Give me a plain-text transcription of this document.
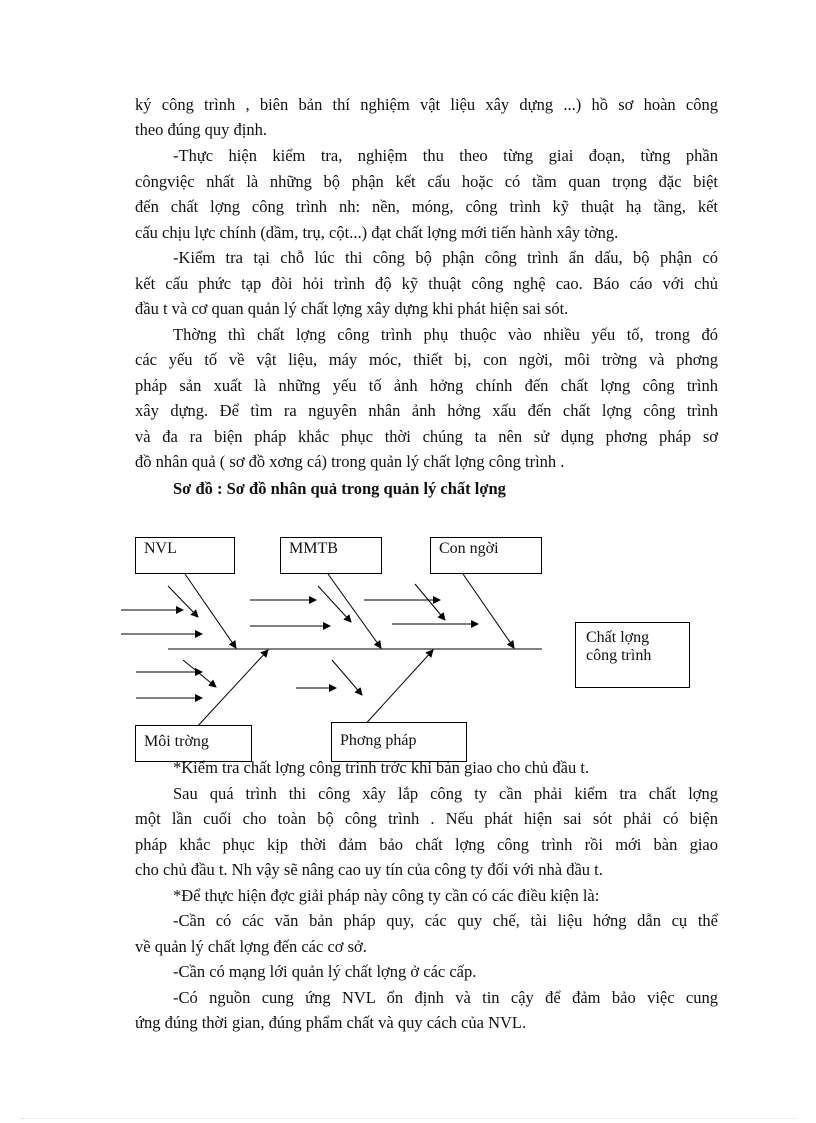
ký công trình , biên bản thí nghiệm vật liệu xây dựng ...) hồ sơ hoàn công
theo đúng quy định.
-Thực hiện kiểm tra, nghiệm thu theo từng giai đoạn, từng phần
côngviệc nhất là những bộ phận kết cấu hoặc có tầm quan trọng đặc biệt
đến chất lợng công trình nh: nền, móng, công trình kỹ thuật hạ tầng, kết
cấu chịu lực chính (dầm, trụ, cột...) đạt chất lợng mới tiến hành xây tờng.
-Kiểm tra tại chỗ lúc thi công bộ phận công trình ẩn dấu, bộ phận có
kết cấu phức tạp đòi hỏi trình độ kỹ thuật công nghệ cao. Báo cáo với chủ
đầu t và cơ quan quản lý chất lợng xây dựng khi phát hiện sai sót.
Thờng thì chất lợng công trình phụ thuộc vào nhiều yếu tố, trong đó
các yếu tố về vật liệu, máy móc, thiết bị, con ngời, môi trờng và phơng
pháp sản xuất là những yếu tố ảnh hởng chính đến chất lợng công trình
xây dựng. Để tìm ra nguyên nhân ảnh hởng xấu đến chất lợng công trình
và đa ra biện pháp khắc phục thời chúng ta nên sử dụng phơng pháp sơ
đồ nhân quả ( sơ đồ xơng cá) trong quản lý chất lợng công trình .
Sơ đồ : Sơ đồ nhân quả trong quản lý chất lợng
NVL	MMTB	Con ngời
Chất lợng
công trình
Môi trờng	Phơng pháp
*Kiểm tra chất lợng công trình trớc khi bàn giao cho chủ đầu t.
Sau quá trình thi công xây lắp công ty cần phải kiểm tra chất lợng
một lần cuối cho toàn bộ công trình . Nếu phát hiện sai sót phải có biện
pháp khắc phục kịp thời đảm bảo chất lợng công trình rồi mới bàn giao
cho chủ đầu t. Nh vậy sẽ nâng cao uy tín của công ty đối với nhà đầu t.
*Để thực hiện đợc giải pháp này công ty cần có các điều kiện là:
-Cần có các văn bản pháp quy, các quy chế, tài liệu hớng dẫn cụ thể
về quản lý chất lợng đến các cơ sở.
-Cần có mạng lới quản lý chất lợng ở các cấp.
-Có nguồn cung ứng NVL ổn định và tin cậy để đảm bảo việc cung
ứng đúng thời gian, đúng phẩm chất và quy cách của NVL.
